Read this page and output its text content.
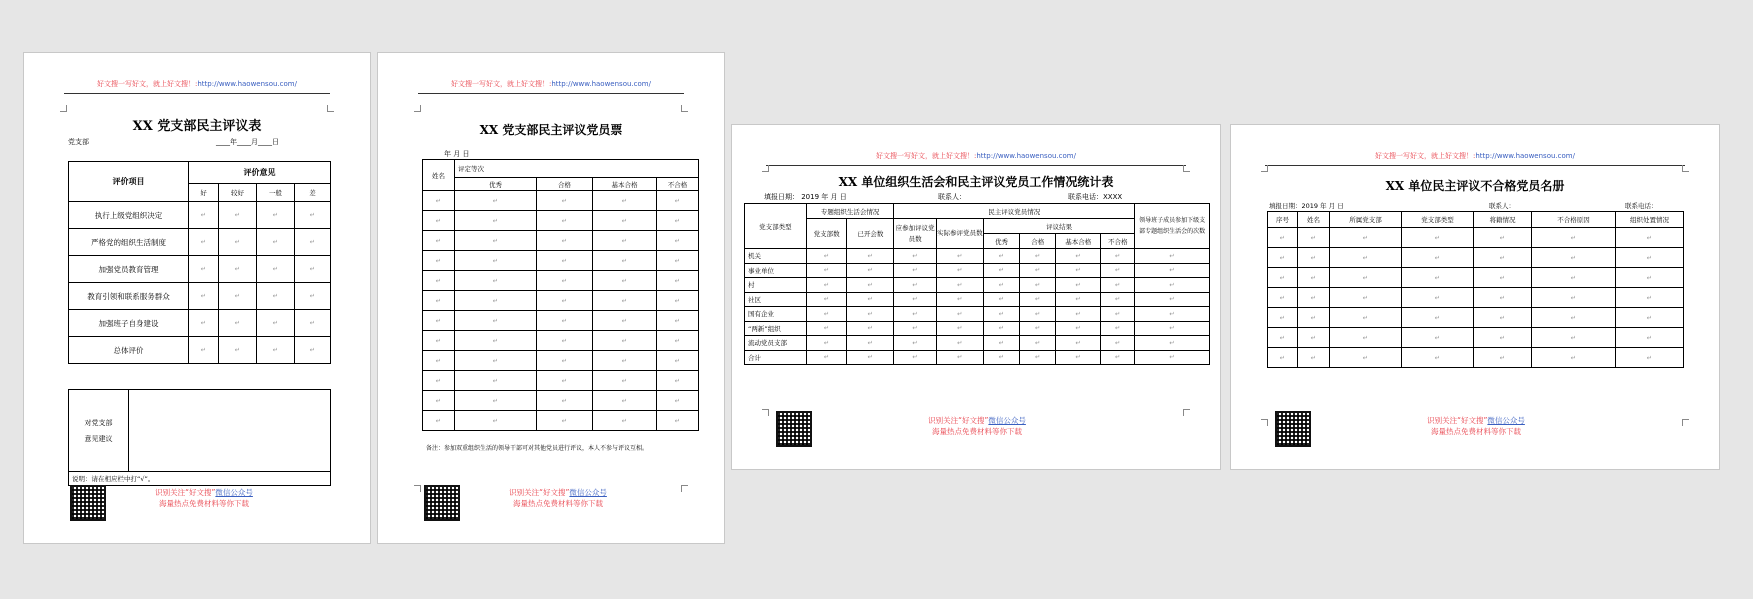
好文搜一写好文，就上好文搜！:http://www.haowensou.com/
XX 党支部民主评议表
党支部	____年____月____日
评价项目	评价意见			
	好	较好	一般	差
执行上级党组织决定	↵	↵	↵	↵
严格党的组织生活制度	↵	↵	↵	↵
加强党员教育管理	↵	↵	↵	↵
教育引领和联系服务群众	↵	↵	↵	↵
加强班子自身建设	↵	↵	↵	↵
总体评价	↵	↵	↵	↵
对党支部
意见建议

说明：请在相应栏中打“√”。
识别关注“好文搜”微信公众号
海量热点免费材料等你下载
好文搜一写好文，就上好文搜！:http://www.haowensou.com/
XX 党支部民主评议党员票
年 月 日
姓名	评定等次			
	优秀	合格	基本合格	不合格
↵	↵	↵	↵	↵
↵	↵	↵	↵	↵
↵	↵	↵	↵	↵
↵	↵	↵	↵	↵
↵	↵	↵	↵	↵
↵	↵	↵	↵	↵
↵	↵	↵	↵	↵
↵	↵	↵	↵	↵
↵	↵	↵	↵	↵
↵	↵	↵	↵	↵
↵	↵	↵	↵	↵
↵	↵	↵	↵	↵
备注：参加双重组织生活的领导干部可对其他党员进行评议，本人不参与评议互相。
识别关注“好文搜”微信公众号
海量热点免费材料等你下载
好文搜一写好文，就上好文搜！:http://www.haowensou.com/
XX 单位组织生活会和民主评议党员工作情况统计表
填报日期： 2019 年 月 日	联系人：	联系电话：XXXX
党支部类型	专题组织生活会情况		民主评议党员情况						领导班子成员参加下级支部专题组织生活会的次数
	党支部数	已开会数	应参加评议党员数	实际参评党员数	评议结果				
					优秀	合格	基本合格	不合格	
机关	↵	↵	↵	↵	↵	↵	↵	↵	↵
事业单位	↵	↵	↵	↵	↵	↵	↵	↵	↵
村	↵	↵	↵	↵	↵	↵	↵	↵	↵
社区	↵	↵	↵	↵	↵	↵	↵	↵	↵
国有企业	↵	↵	↵	↵	↵	↵	↵	↵	↵
“两新”组织	↵	↵	↵	↵	↵	↵	↵	↵	↵
流动党员支部	↵	↵	↵	↵	↵	↵	↵	↵	↵
合计	↵	↵	↵	↵	↵	↵	↵	↵	↵
识别关注“好文搜”微信公众号
海量热点免费材料等你下载
好文搜一写好文，就上好文搜！:http://www.haowensou.com/
XX 单位民主评议不合格党员名册
填报日期：2019 年 月 日	联系人：	联系电话：
序号	姓名	所属党支部	党支部类型	将籍情况	不合格原因	组织处置情况
↵	↵	↵	↵	↵	↵	↵
↵	↵	↵	↵	↵	↵	↵
↵	↵	↵	↵	↵	↵	↵
↵	↵	↵	↵	↵	↵	↵
↵	↵	↵	↵	↵	↵	↵
↵	↵	↵	↵	↵	↵	↵
↵	↵	↵	↵	↵	↵	↵
识别关注“好文搜”微信公众号
海量热点免费材料等你下载
